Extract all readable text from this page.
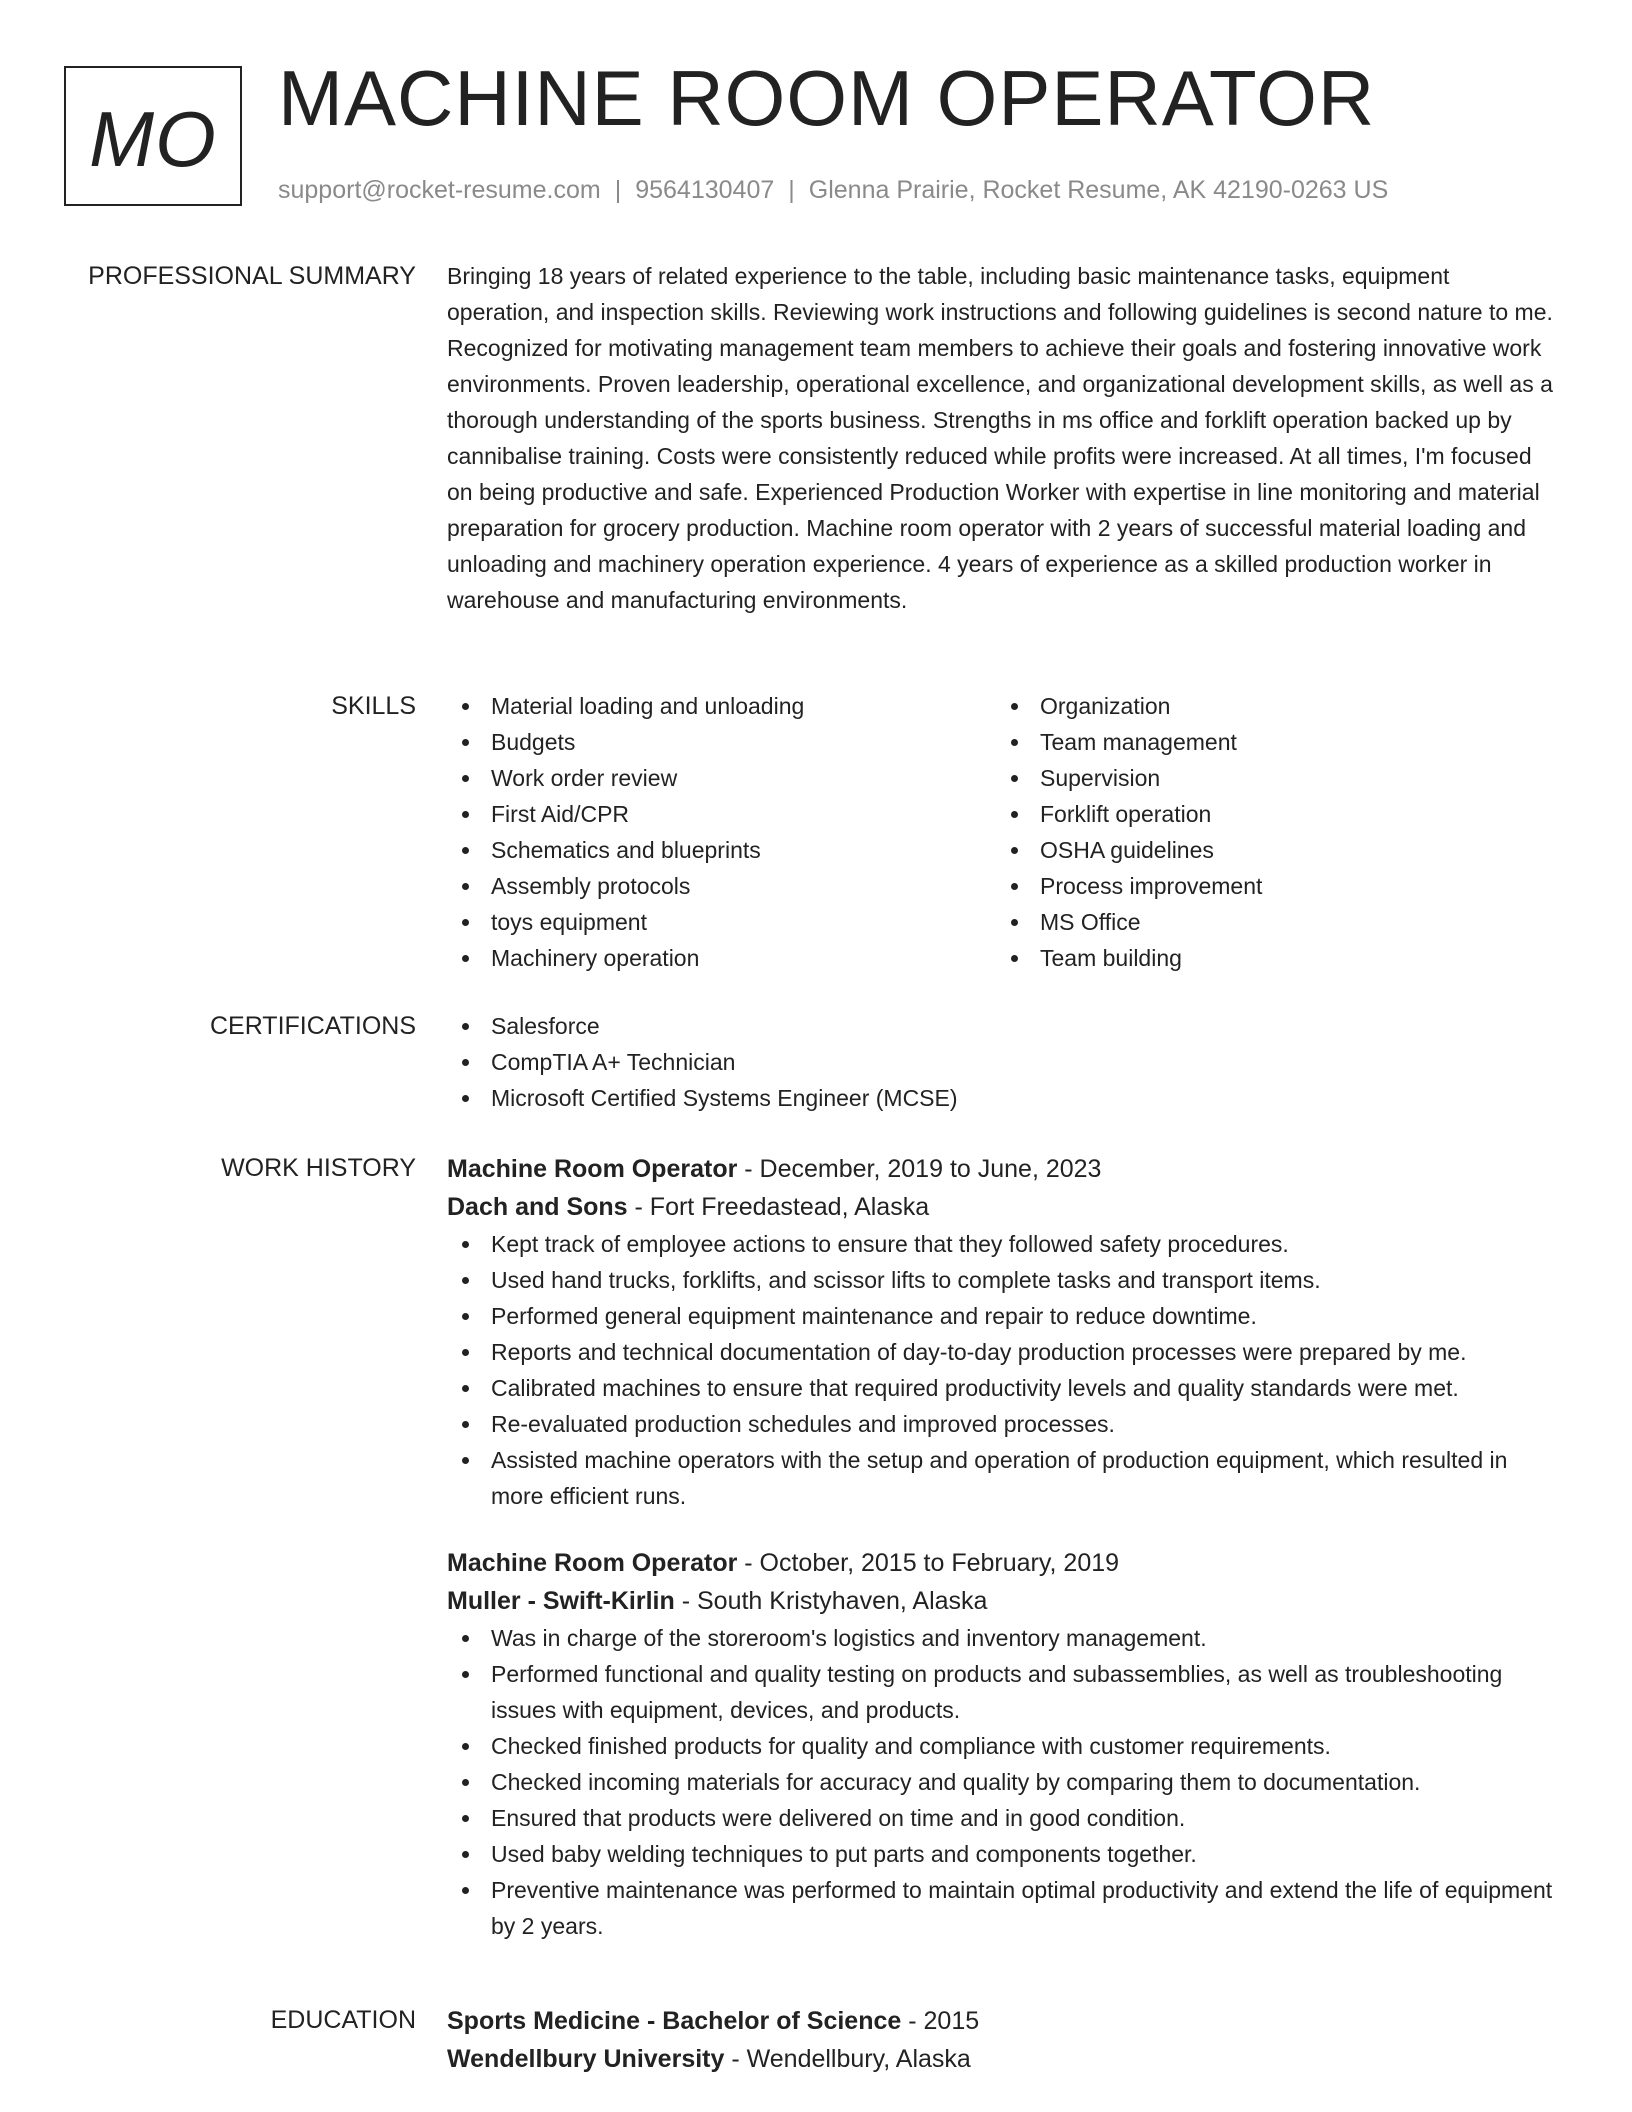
MO MACHINE ROOM OPERATOR
support@rocket-resume.com | 9564130407 | Glenna Prairie, Rocket Resume, AK 42190-0263 US
PROFESSIONAL SUMMARY Bringing 18 years of related experience to the table, including basic maintenance tasks, equipment operation, and inspection skills. Reviewing work instructions and following guidelines is second nature to me. Recognized for motivating management team members to achieve their goals and fostering innovative work environments. Proven leadership, operational excellence, and organizational development skills, as well as a thorough understanding of the sports business. Strengths in ms office and forklift operation backed up by cannibalise training. Costs were consistently reduced while profits were increased. At all times, I'm focused on being productive and safe. Experienced Production Worker with expertise in line monitoring and material preparation for grocery production. Machine room operator with 2 years of successful material loading and unloading and machinery operation experience. 4 years of experience as a skilled production worker in warehouse and manufacturing environments.

SKILLS	Material loading and unloading
Budgets
Work order review
First Aid/CPR
Schematics and blueprints
Assembly protocols
toys equipment
Machinery operation
Organization
Team management
Supervision
Forklift operation
OSHA guidelines
Process improvement
MS Office
Team building
CERTIFICATIONS	Salesforce
CompTIA A+ Technician
Microsoft Certified Systems Engineer (MCSE)
WORK HISTORY Machine Room Operator - December, 2019 to June, 2023
Dach and Sons - Fort Freedastead, Alaska
Kept track of employee actions to ensure that they followed safety procedures.
Used hand trucks, forklifts, and scissor lifts to complete tasks and transport items.
Performed general equipment maintenance and repair to reduce downtime.
Reports and technical documentation of day-to-day production processes were prepared by me.
Calibrated machines to ensure that required productivity levels and quality standards were met.
Re-evaluated production schedules and improved processes.
Assisted machine operators with the setup and operation of production equipment, which resulted in more efficient runs.
Machine Room Operator - October, 2015 to February, 2019
Muller - Swift-Kirlin - South Kristyhaven, Alaska
Was in charge of the storeroom's logistics and inventory management.
Performed functional and quality testing on products and subassemblies, as well as troubleshooting issues with equipment, devices, and products.
Checked finished products for quality and compliance with customer requirements.
Checked incoming materials for accuracy and quality by comparing them to documentation.
Ensured that products were delivered on time and in good condition.
Used baby welding techniques to put parts and components together.
Preventive maintenance was performed to maintain optimal productivity and extend the life of equipment by 2 years.
EDUCATION Sports Medicine - Bachelor of Science - 2015
Wendellbury University - Wendellbury, Alaska
